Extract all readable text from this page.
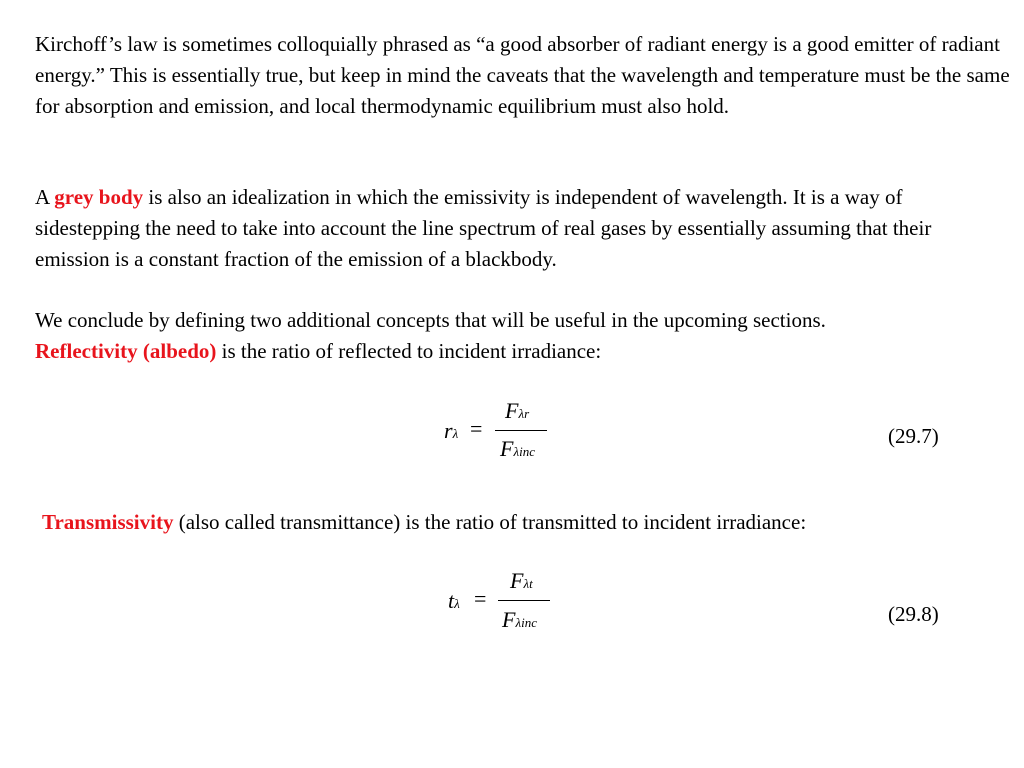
Kirchoff’s law is sometimes colloquially phrased as “a good absorber of radiant energy is a good emitter of radiant energy.” This is essentially true, but keep in mind the caveats that the wavelength and temperature must be the same for absorption and emission, and local thermodynamic equilibrium must also hold.

A grey body is also an idealization in which the emissivity is independent of wavelength. It is a way of sidestepping the need to take into account the line spectrum of real gases by essentially assuming that their emission is a constant fraction of the emission of a blackbody.

We conclude by defining two additional concepts that will be useful in the upcoming sections.
Reflectivity (albedo) is the ratio of reflected to incident irradiance:

rλ =
Fλr
Fλinc
(29.7)

Transmissivity (also called transmittance) is the ratio of transmitted to incident irradiance:

tλ =
Fλt
Fλinc	(29.8)
